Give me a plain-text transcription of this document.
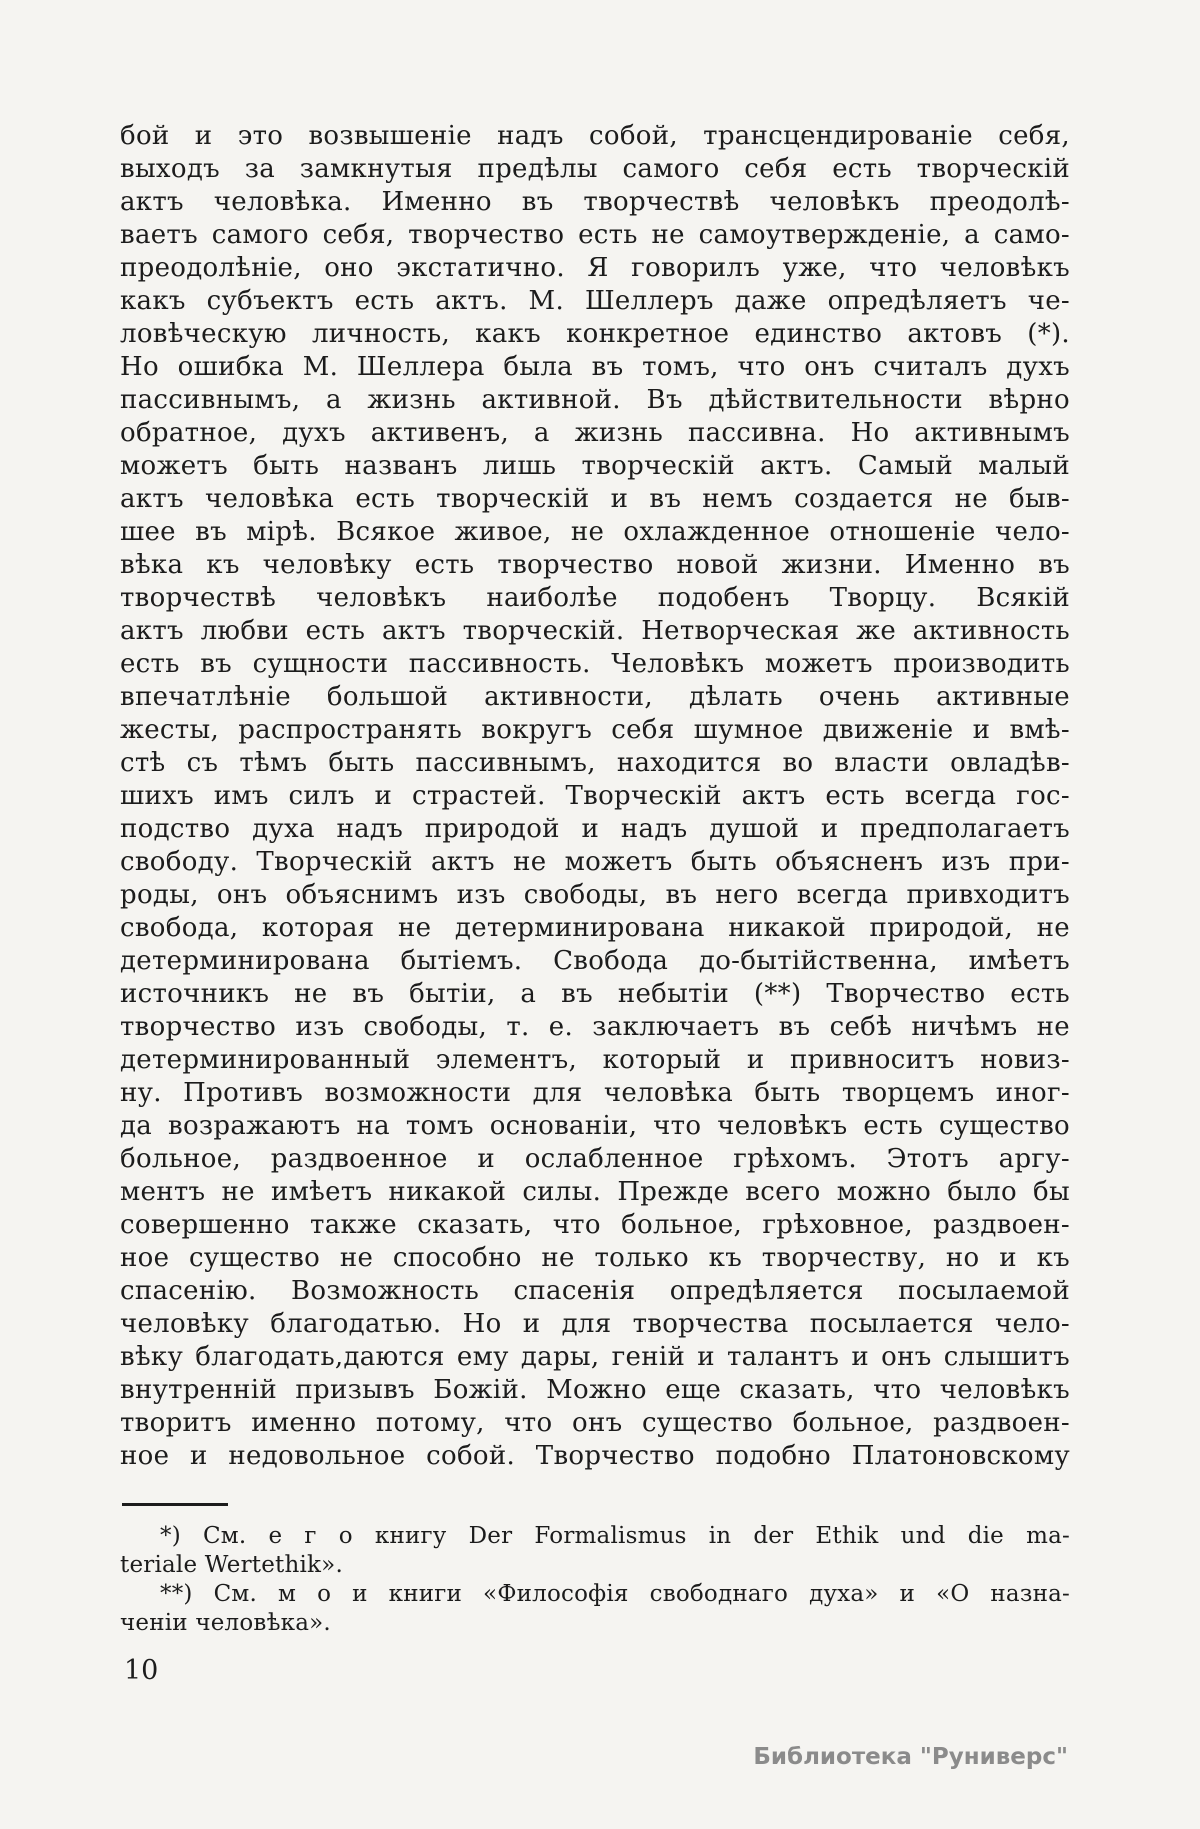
бой и это возвышеніе надъ собой, трансцендированіе себя,
выходъ за замкнутыя предѣлы самого себя есть творческій
актъ человѣка. Именно въ творчествѣ человѣкъ преодолѣ-
ваетъ самого себя, творчество есть не самоутвержденіе, а само-
преодолѣніе, оно экстатично. Я говорилъ уже, что человѣкъ
какъ субъектъ есть актъ. М. Шеллеръ даже опредѣляетъ че-
ловѣческую личность, какъ конкретное единство актовъ (*).
Но ошибка М. Шеллера была въ томъ, что онъ считалъ духъ
пассивнымъ, а жизнь активной. Въ дѣйствительности вѣрно
обратное, духъ активенъ, а жизнь пассивна. Но активнымъ
можетъ быть названъ лишь творческій актъ. Самый малый
актъ человѣка есть творческій и въ немъ создается не быв-
шее въ мірѣ. Всякое живое, не охлажденное отношеніе чело-
вѣка къ человѣку есть творчество новой жизни. Именно въ
творчествѣ человѣкъ наиболѣе подобенъ Творцу. Всякій
актъ любви есть актъ творческій. Нетворческая же активность
есть въ сущности пассивность. Человѣкъ можетъ производить
впечатлѣніе большой активности, дѣлать очень активные
жесты, распространять вокругъ себя шумное движеніе и вмѣ-
стѣ съ тѣмъ быть пассивнымъ, находится во власти овладѣв-
шихъ имъ силъ и страстей. Творческій актъ есть всегда гос-
подство духа надъ природой и надъ душой и предполагаетъ
свободу. Творческій актъ не можетъ быть объясненъ изъ при-
роды, онъ объяснимъ изъ свободы, въ него всегда привходитъ
свобода, которая не детерминирована никакой природой, не
детерминирована бытіемъ. Свобода до-бытійственна, имѣетъ
источникъ не въ бытіи, а въ небытіи (**) Творчество есть
творчество изъ свободы, т. е. заключаетъ въ себѣ ничѣмъ не
детерминированный элементъ, который и привноситъ новиз-
ну. Противъ возможности для человѣка быть творцемъ иног-
да возражаютъ на томъ основаніи, что человѣкъ есть существо
больное, раздвоенное и ослабленное грѣхомъ. Этотъ аргу-
ментъ не имѣетъ никакой силы. Прежде всего можно было бы
совершенно также сказать, что больное, грѣховное, раздвоен-
ное существо не способно не только къ творчеству, но и къ
спасенію. Возможность спасенія опредѣляется посылаемой
человѣку благодатью. Но и для творчества посылается чело-
вѣку благодать,даются ему дары, геній и талантъ и онъ слышитъ
внутренній призывъ Божій. Можно еще сказать, что человѣкъ
творитъ именно потому, что онъ существо больное, раздвоен-
ное и недовольное собой. Творчество подобно Платоновскому
*) См. е г о книгу Der Formalismus in der Ethik und die ma-
teriale Wertethik».
**) См. м о и книги «Философія свободнаго духа» и «О назна-
ченіи человѣка».
10
Библиотека "Руниверс"
